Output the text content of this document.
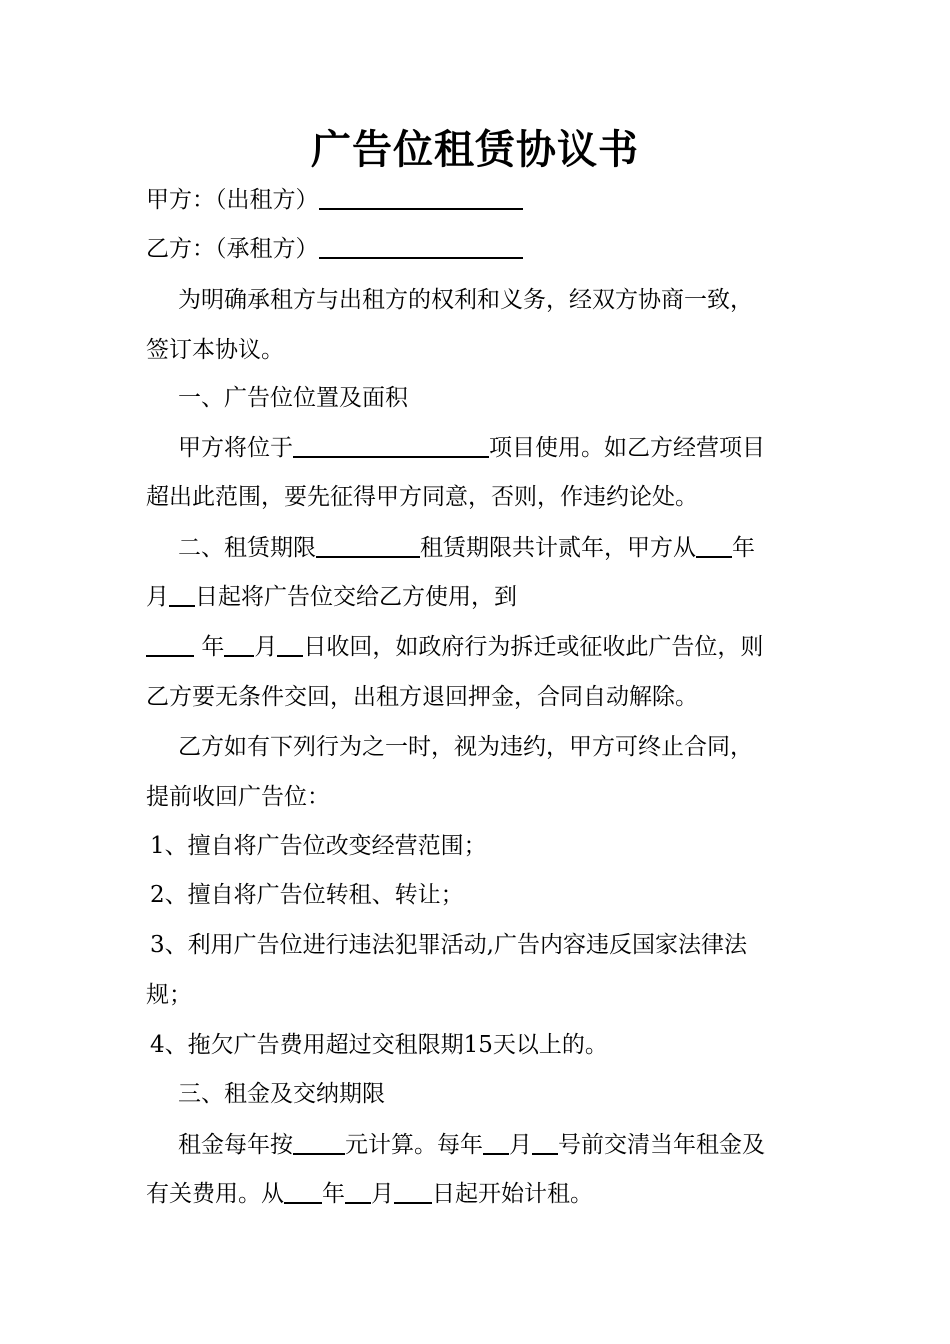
广告位租赁协议书
甲方：（出租方）
乙方：（承租方）
为明确承租方与出租方的权利和义务，经双方协商一致，
签订本协议。
一、广告位位置及面积
甲方将位于	项目使用。如乙方经营项目
超出此范围，要先征得甲方同意，否则，作违约论处。
二、租赁期限	租赁期限共计贰年，甲方从 年
月 日起将广告位交给乙方使用，到
年 月 日收回，如政府行为拆迁或征收此广告位，则
乙方要无条件交回，出租方退回押金，合同自动解除。
乙方如有下列行为之一时，视为违约，甲方可终止合同，
提前收回广告位：
1、擅自将广告位改变经营范围；
2、擅自将广告位转租、转让；
3、利用广告位进行违法犯罪活动,广告内容违反国家法律法
规；
4、拖欠广告费用超过交租限期15天以上的。
三、租金及交纳期限
租金每年按 元计算。每年 月 号前交清当年租金及
有关费用。从 年 月 日起开始计租。
